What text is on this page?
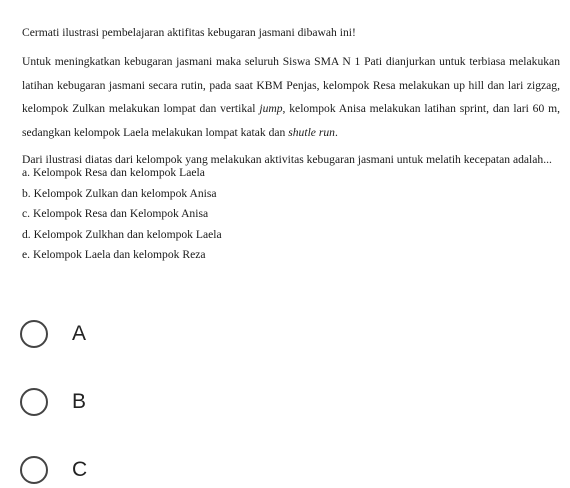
Cermati ilustrasi pembelajaran aktifitas kebugaran jasmani dibawah ini!

Untuk meningkatkan kebugaran jasmani maka seluruh Siswa SMA N 1 Pati dianjurkan untuk terbiasa melakukan latihan kebugaran jasmani secara rutin, pada saat KBM Penjas, kelompok Resa melakukan up hill dan lari zigzag, kelompok Zulkan melakukan lompat dan vertikal jump, kelompok Anisa melakukan latihan sprint, dan lari 60 m, sedangkan kelompok Laela melakukan lompat katak dan shutle run.

Dari ilustrasi diatas dari kelompok yang melakukan aktivitas kebugaran jasmani untuk melatih kecepatan adalah...

a. Kelompok Resa dan kelompok Laela
b. Kelompok Zulkan dan kelompok Anisa
c. Kelompok Resa dan Kelompok Anisa
d. Kelompok Zulkhan dan kelompok Laela
e. Kelompok Laela dan kelompok Reza
A
B
C
